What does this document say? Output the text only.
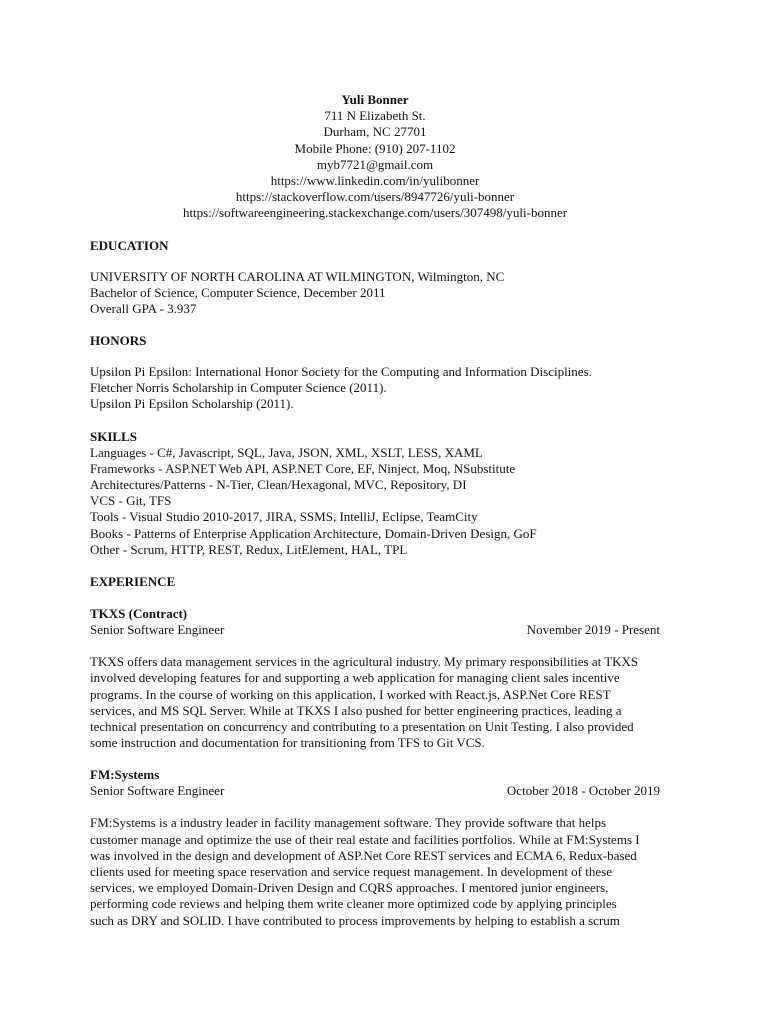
Yuli Bonner
711 N Elizabeth St.
Durham, NC 27701
Mobile Phone: (910) 207-1102
myb7721@gmail.com
https://www.linkedin.com/in/yulibonner
https://stackoverflow.com/users/8947726/yuli-bonner
https://softwareengineering.stackexchange.com/users/307498/yuli-bonner
EDUCATION
UNIVERSITY OF NORTH CAROLINA AT WILMINGTON, Wilmington, NC
Bachelor of Science, Computer Science, December 2011
Overall GPA - 3.937
HONORS
Upsilon Pi Epsilon: International Honor Society for the Computing and Information Disciplines.
Fletcher Norris Scholarship in Computer Science (2011).
Upsilon Pi Epsilon Scholarship (2011).
SKILLS
Languages - C#, Javascript, SQL, Java, JSON, XML, XSLT, LESS, XAML
Frameworks - ASP.NET Web API, ASP.NET Core, EF, Ninject, Moq, NSubstitute
Architectures/Patterns - N-Tier, Clean/Hexagonal, MVC, Repository, DI
VCS - Git, TFS
Tools - Visual Studio 2010-2017, JIRA, SSMS, IntelliJ, Eclipse, TeamCity
Books - Patterns of Enterprise Application Architecture, Domain-Driven Design, GoF
Other - Scrum, HTTP, REST, Redux, LitElement, HAL, TPL
EXPERIENCE
TKXS (Contract)
Senior Software Engineer	November 2019 - Present
TKXS offers data management services in the agricultural industry. My primary responsibilities at TKXS
involved developing features for and supporting a web application for managing client sales incentive
programs. In the course of working on this application, I worked with React.js, ASP.Net Core REST
services, and MS SQL Server. While at TKXS I also pushed for better engineering practices, leading a
technical presentation on concurrency and contributing to a presentation on Unit Testing. I also provided
some instruction and documentation for transitioning from TFS to Git VCS.
FM:Systems
Senior Software Engineer	October 2018 - October 2019
FM:Systems is a industry leader in facility management software. They provide software that helps
customer manage and optimize the use of their real estate and facilities portfolios. While at FM:Systems I
was involved in the design and development of ASP.Net Core REST services and ECMA 6, Redux-based
clients used for meeting space reservation and service request management. In development of these
services, we employed Domain-Driven Design and CQRS approaches. I mentored junior engineers,
performing code reviews and helping them write cleaner more optimized code by applying principles
such as DRY and SOLID. I have contributed to process improvements by helping to establish a scrum
